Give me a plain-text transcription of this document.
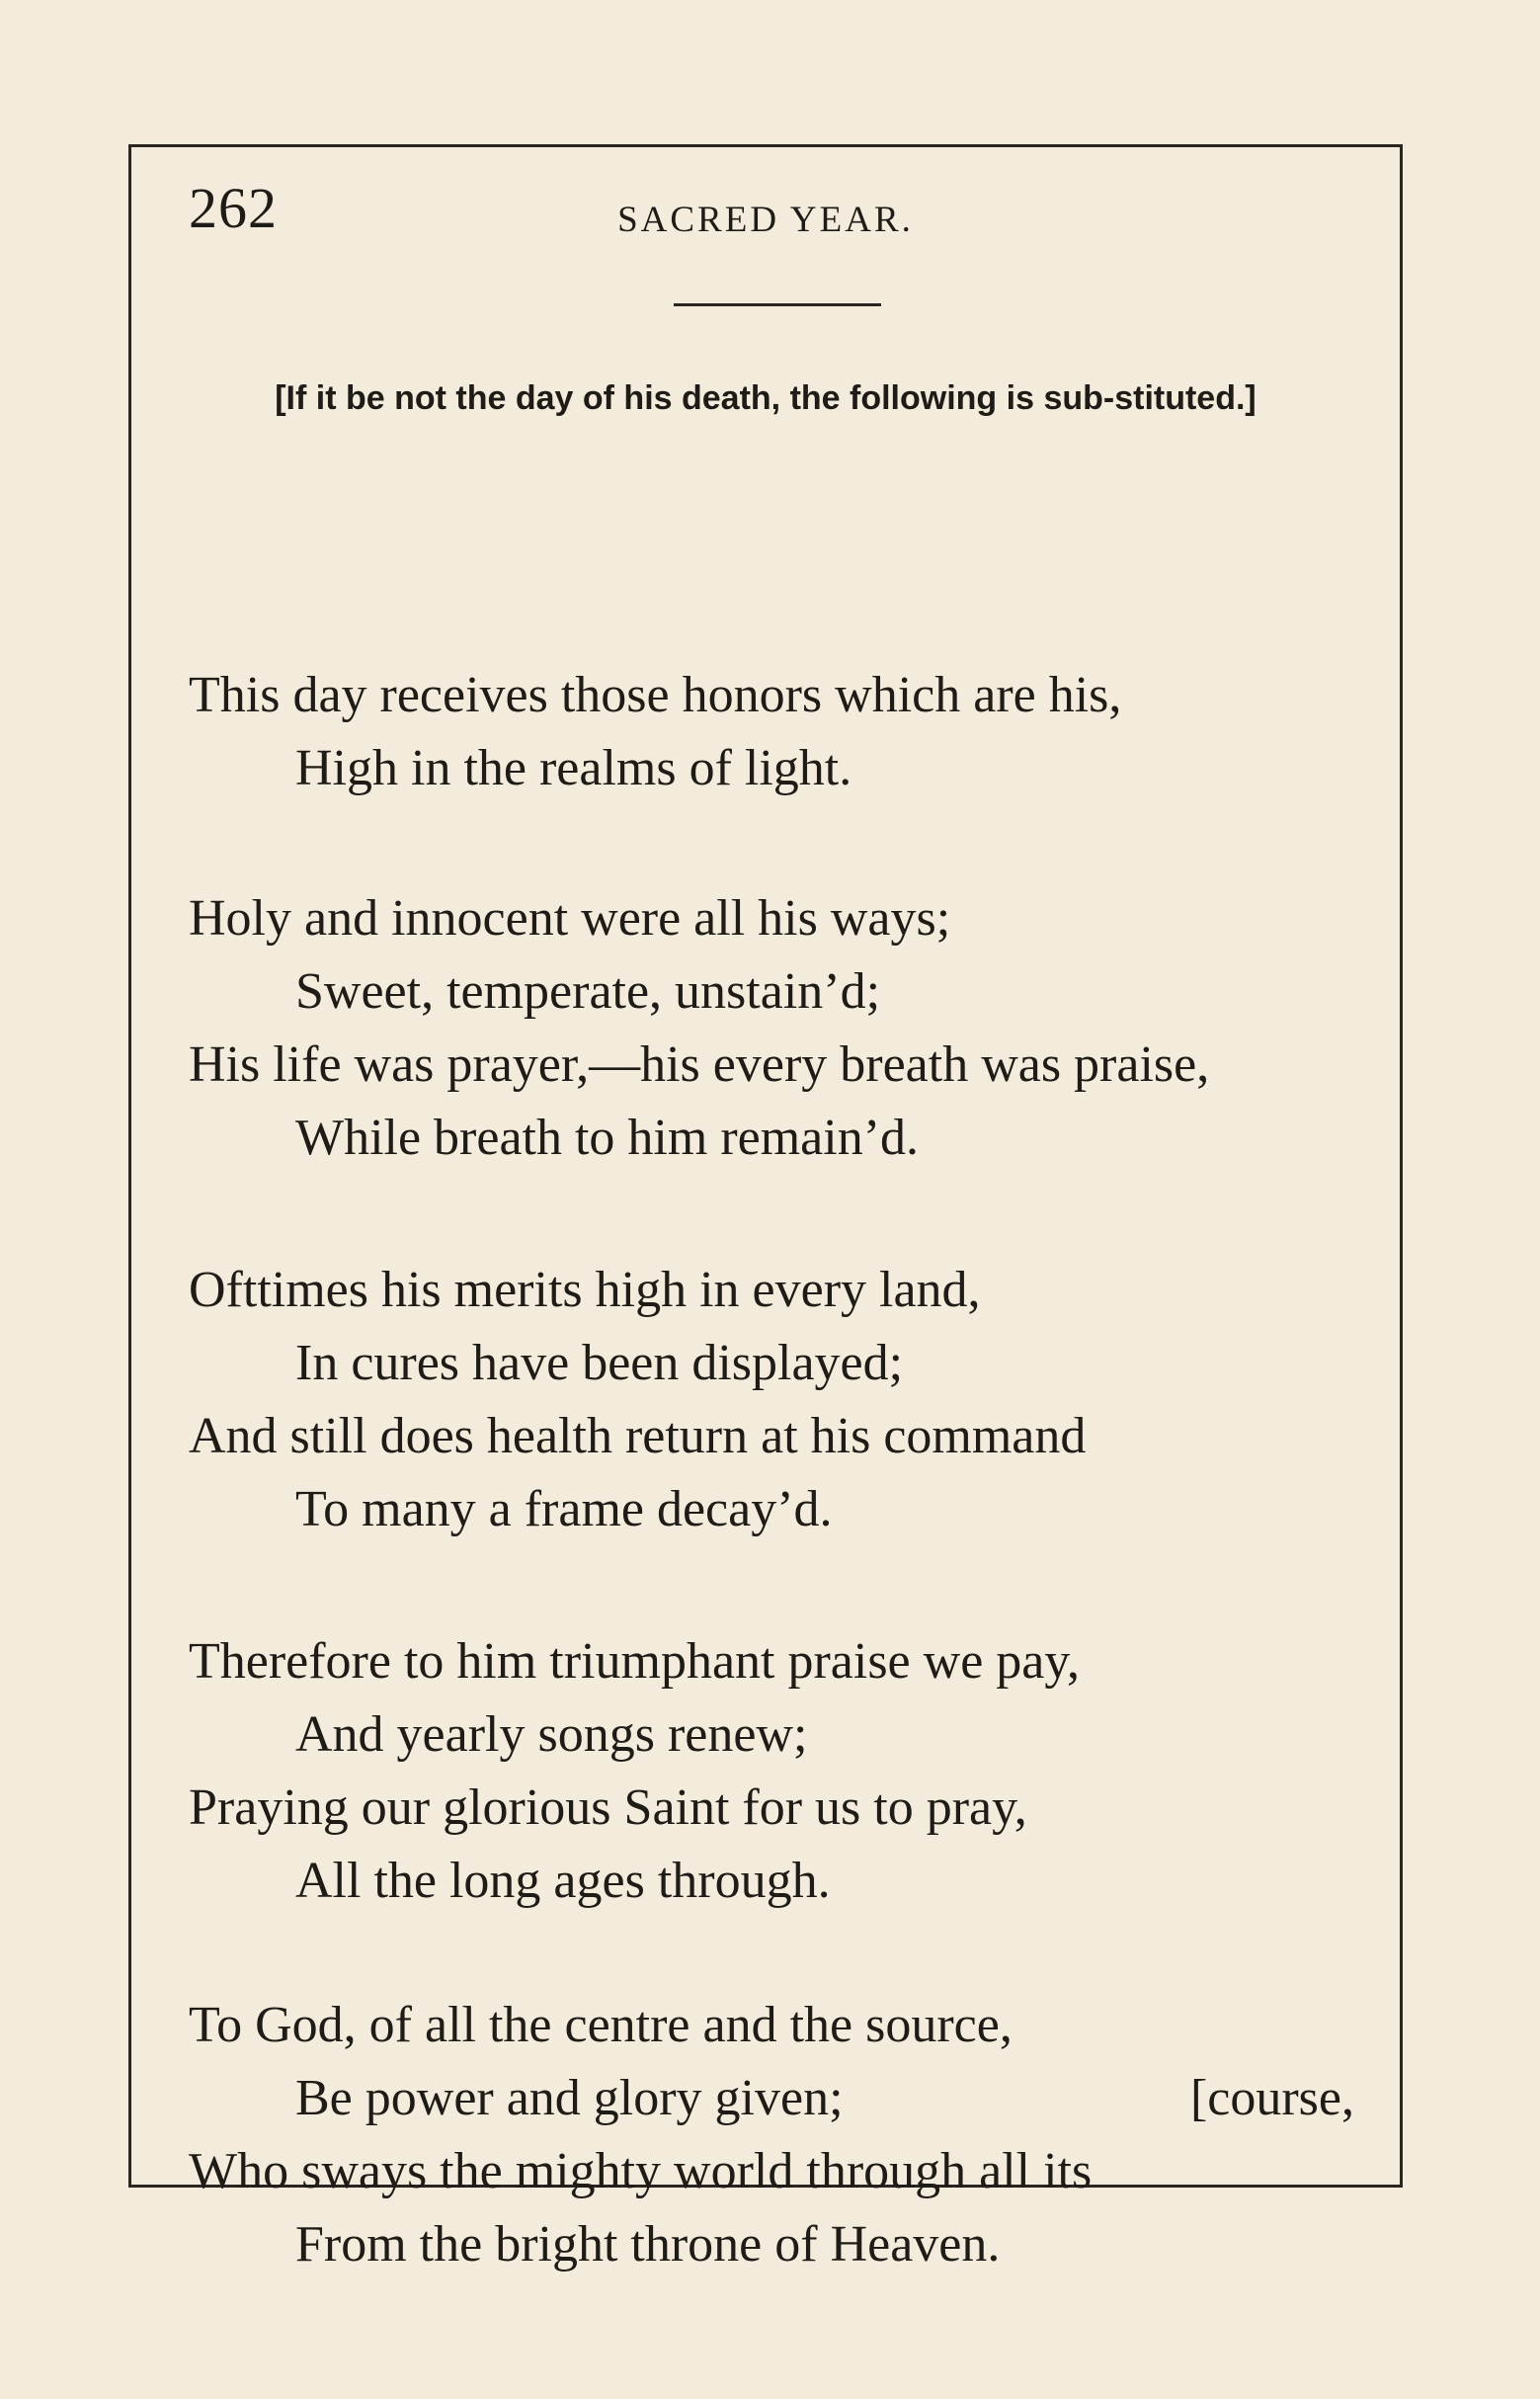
262	SACRED YEAR.
[If it be not the day of his death, the following is sub-stituted.]
This day receives those honors which are his,
High in the realms of light.
Holy and innocent were all his ways;
Sweet, temperate, unstain’d;
His life was prayer,—his every breath was praise,
While breath to him remain’d.
Ofttimes his merits high in every land,
In cures have been displayed;
And still does health return at his command
To many a frame decay’d.
Therefore to him triumphant praise we pay,
And yearly songs renew;
Praying our glorious Saint for us to pray,
All the long ages through.
To God, of all the centre and the source,
Be power and glory given;	[course,
Who sways the mighty world through all its
From the bright throne of Heaven.
